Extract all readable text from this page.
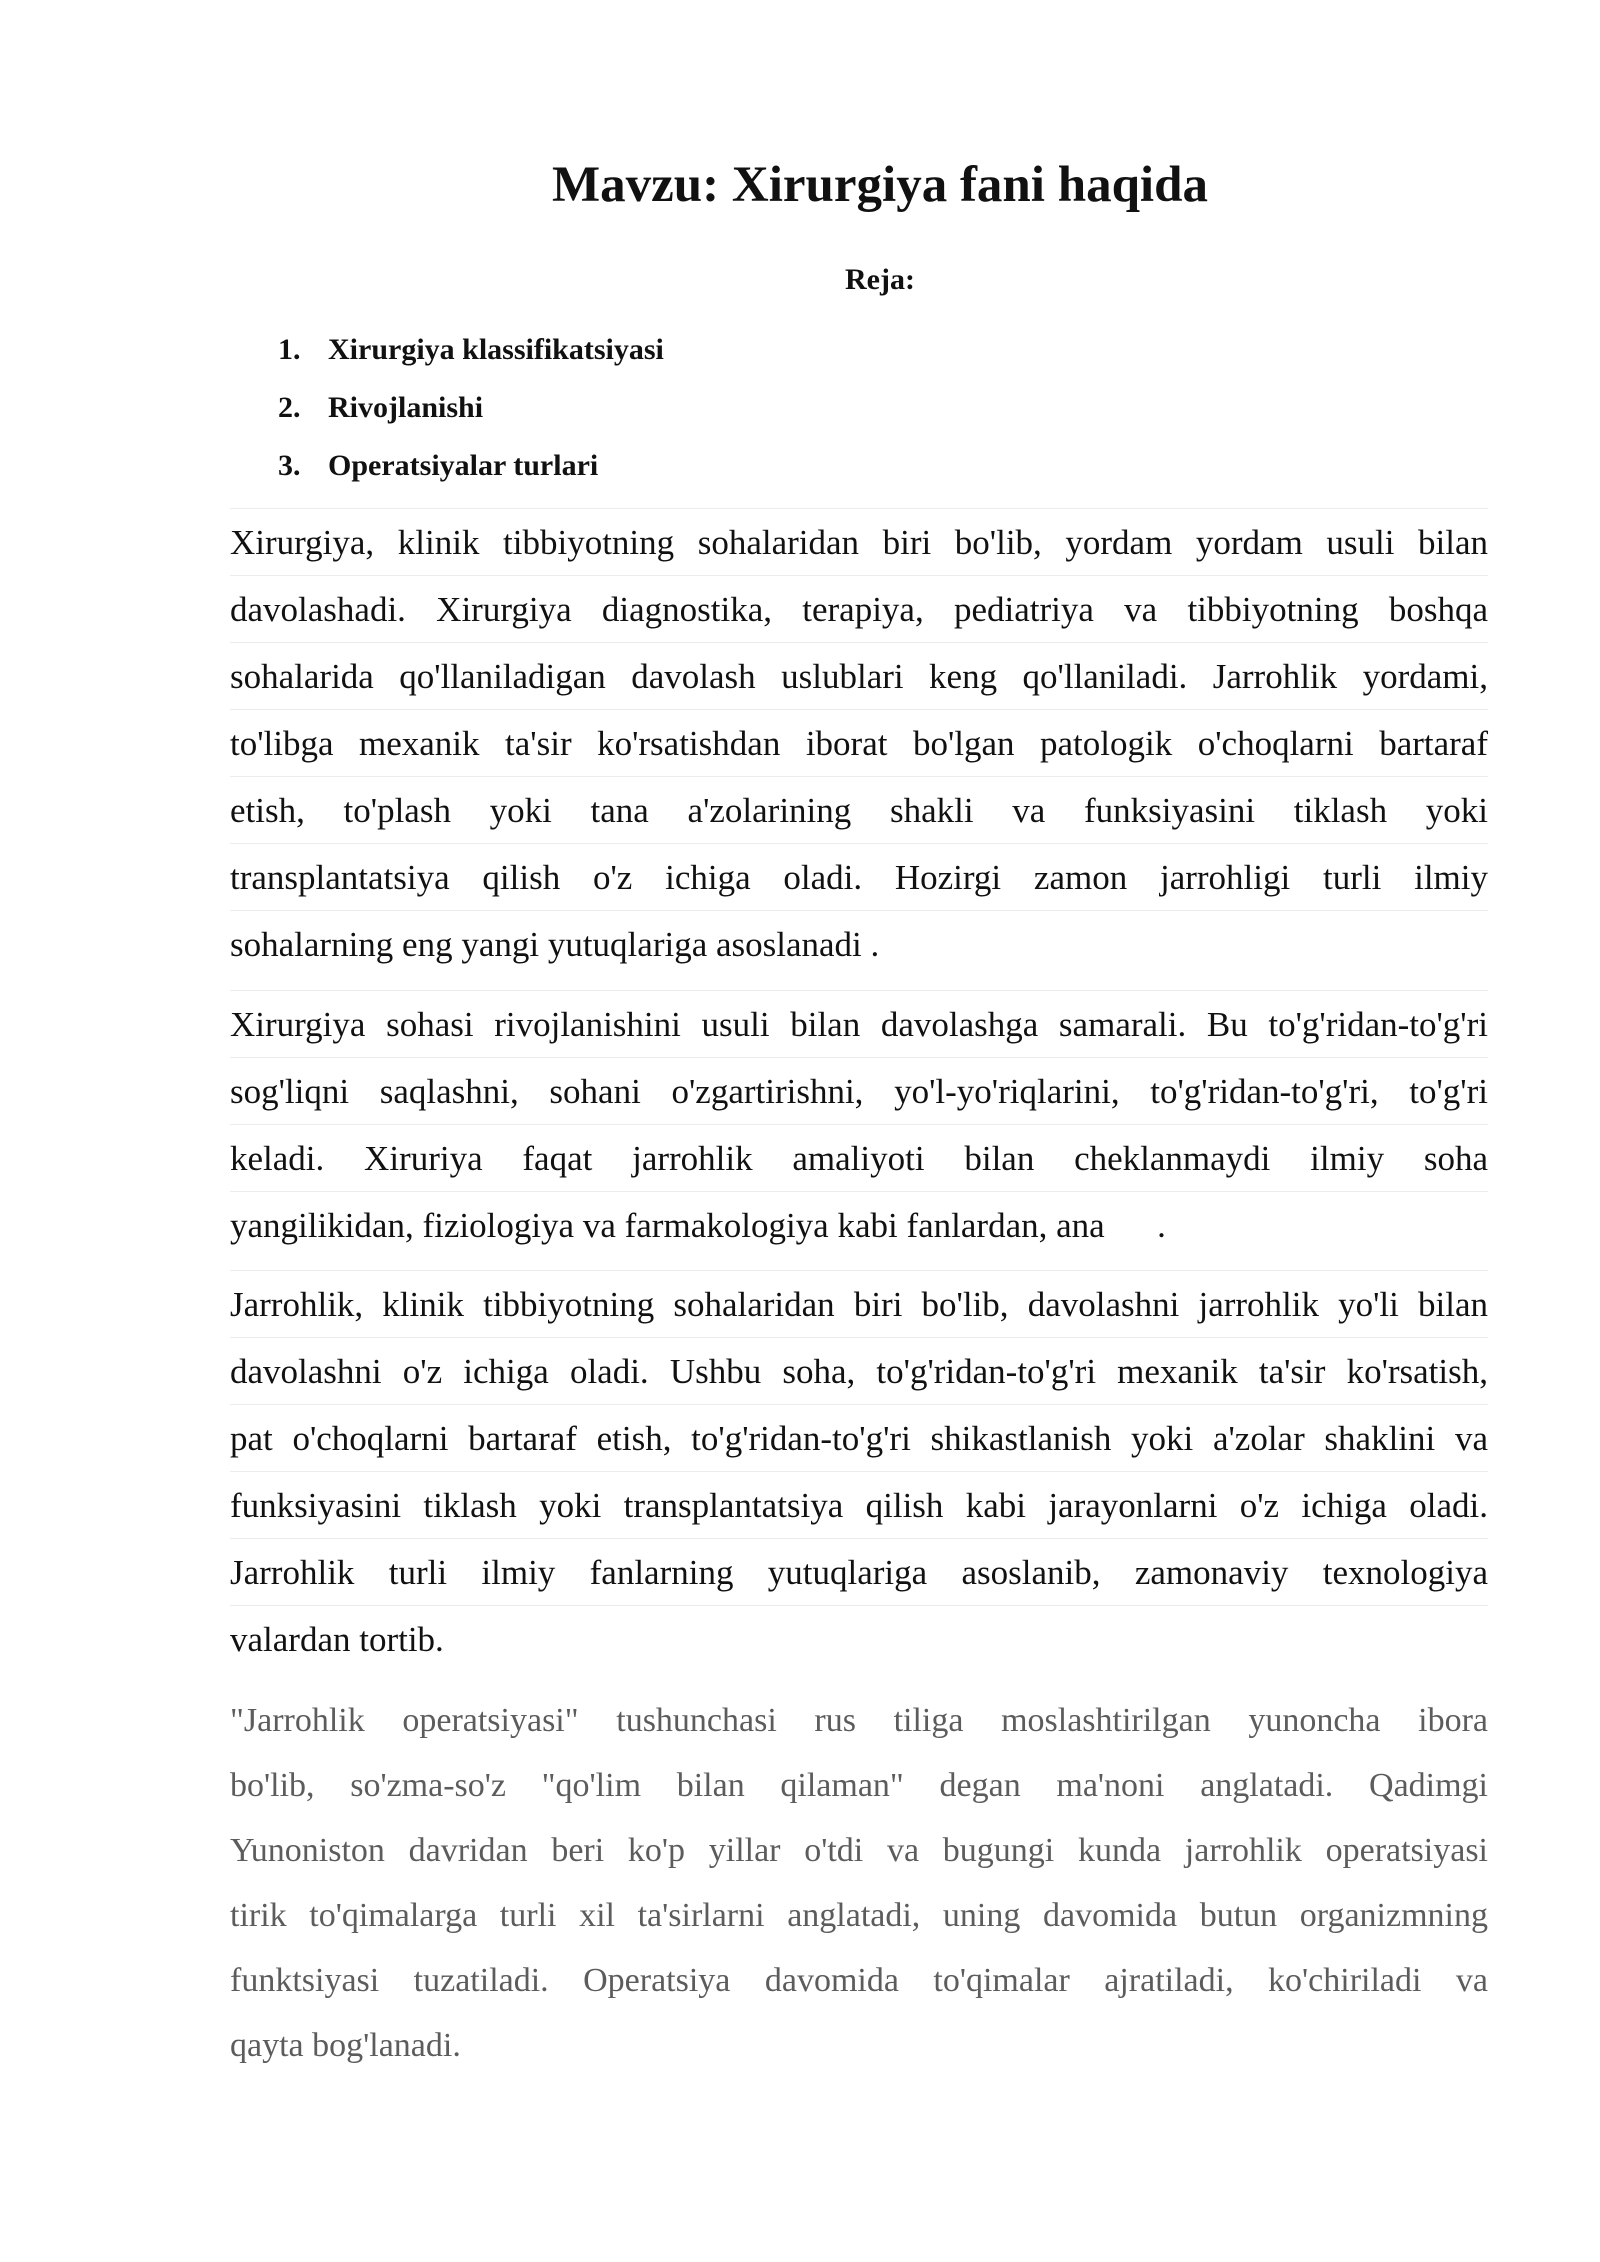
Mavzu: Xirurgiya fani haqida
Reja:
1. Xirurgiya klassifikatsiyasi
2. Rivojlanishi
3. Operatsiyalar turlari
Xirurgiya, klinik tibbiyotning sohalaridan biri bo'lib, yordam yordam usuli bilan
davolashadi. Xirurgiya diagnostika, terapiya, pediatriya va tibbiyotning boshqa
sohalarida qo'llaniladigan davolash uslublari keng qo'llaniladi. Jarrohlik yordami,
to'libga mexanik ta'sir ko'rsatishdan iborat bo'lgan patologik o'choqlarni bartaraf
etish, to'plash yoki tana a'zolarining shakli va funksiyasini tiklash yoki
transplantatsiya qilish o'z ichiga oladi. Hozirgi zamon jarrohligi turli ilmiy
sohalarning eng yangi yutuqlariga asoslanadi .
Xirurgiya sohasi rivojlanishini usuli bilan davolashga samarali. Bu to'g'ridan-to'g'ri
sog'liqni saqlashni, sohani o'zgartirishni, yo'l-yo'riqlarini, to'g'ridan-to'g'ri, to'g'ri
keladi. Xiruriya faqat jarrohlik amaliyoti bilan cheklanmaydi ilmiy soha
yangilikidan, fiziologiya va farmakologiya kabi fanlardan, ana      .
Jarrohlik, klinik tibbiyotning sohalaridan biri bo'lib, davolashni jarrohlik yo'li bilan
davolashni o'z ichiga oladi. Ushbu soha, to'g'ridan-to'g'ri mexanik ta'sir ko'rsatish,
pat o'choqlarni bartaraf etish, to'g'ridan-to'g'ri shikastlanish yoki a'zolar shaklini va
funksiyasini tiklash yoki transplantatsiya qilish kabi jarayonlarni o'z ichiga oladi.
Jarrohlik turli ilmiy fanlarning yutuqlariga asoslanib, zamonaviy texnologiya
valardan tortib.
"Jarrohlik operatsiyasi" tushunchasi rus tiliga moslashtirilgan yunoncha ibora
bo'lib, so'zma-so'z "qo'lim bilan qilaman" degan ma'noni anglatadi. Qadimgi
Yunoniston davridan beri ko'p yillar o'tdi va bugungi kunda jarrohlik operatsiyasi
tirik to'qimalarga turli xil ta'sirlarni anglatadi, uning davomida butun organizmning
funktsiyasi tuzatiladi. Operatsiya davomida to'qimalar ajratiladi, ko'chiriladi va
qayta bog'lanadi.
